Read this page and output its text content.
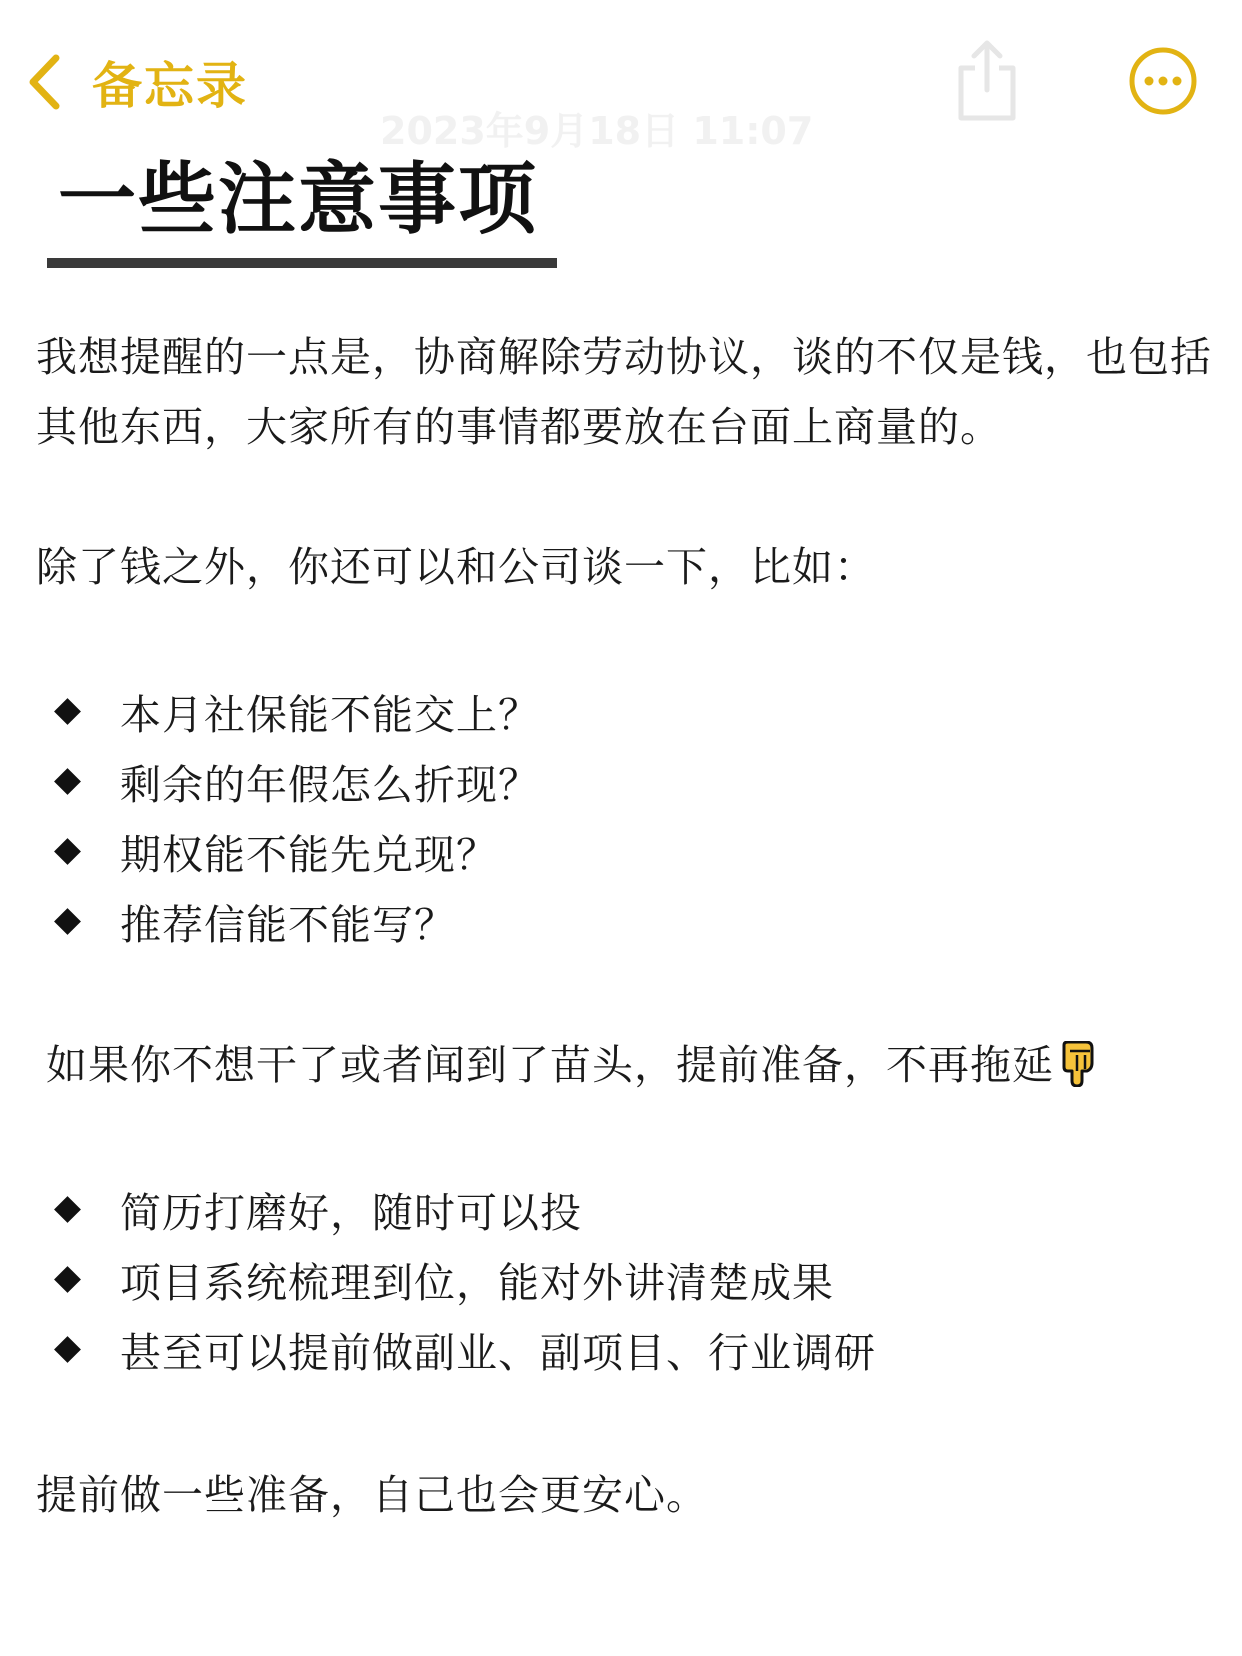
备忘录
2023年9月18日 11:07
一些注意事项
我想提醒的一点是，协商解除劳动协议，谈的不仅是钱，也包括其他东西，大家所有的事情都要放在台面上商量的。
除了钱之外，你还可以和公司谈一下，比如：
本月社保能不能交上？
剩余的年假怎么折现？
期权能不能先兑现？
推荐信能不能写？
如果你不想干了或者闻到了苗头，提前准备，不再拖延
简历打磨好，随时可以投
项目系统梳理到位，能对外讲清楚成果
甚至可以提前做副业、副项目、行业调研
提前做一些准备，自己也会更安心。
